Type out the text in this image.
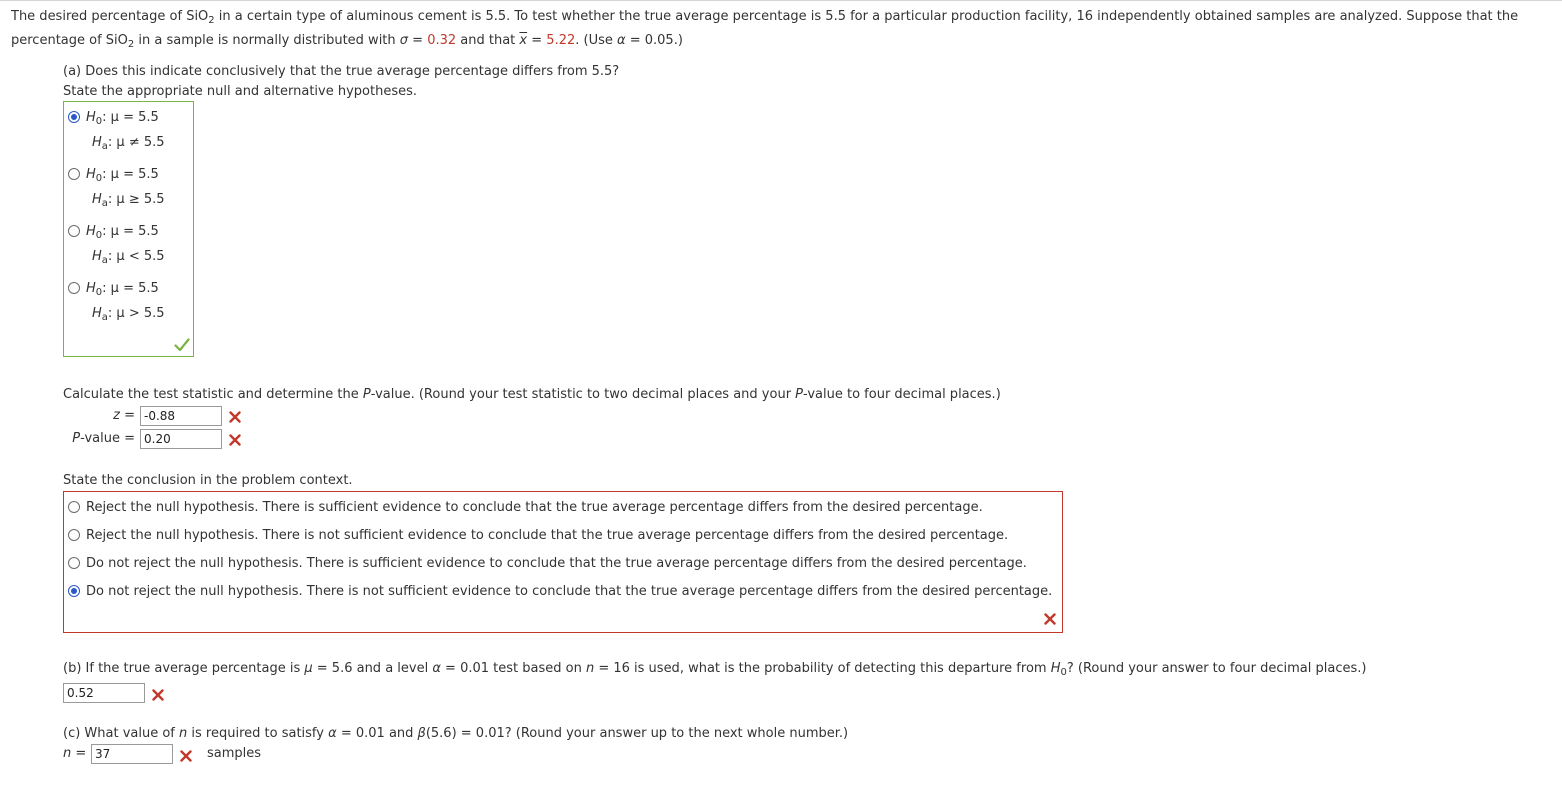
The desired percentage of SiO$_2$ in a certain type of aluminous cement is 5.5. To test whether the true average percentage is 5.5 for a particular production facility, 16 independently obtained samples are analyzed. Suppose that the
percentage of SiO$_2$ in a sample is normally distributed with σ = 0.32 and that $\overline{x} = 5.22$. (Use α = 0.05.)
(a) Does this indicate conclusively that the true average percentage differs from 5.5?
State the appropriate null and alternative hypotheses.
$H_0$: μ = 5.5
$H_a$: μ ≠ 5.5
$H_0$: μ = 5.5
$H_a$: μ ≥ 5.5
$H_0$: μ = 5.5
$H_a$: μ < 5.5
$H_0$: μ = 5.5
$H_a$: μ > 5.5
Calculate the test statistic and determine the P-value. (Round your test statistic to two decimal places and your P-value to four decimal places.)
z =
-0.88
P-value =
0.20
State the conclusion in the problem context.
Reject the null hypothesis. There is sufficient evidence to conclude that the true average percentage differs from the desired percentage.
Reject the null hypothesis. There is not sufficient evidence to conclude that the true average percentage differs from the desired percentage.
Do not reject the null hypothesis. There is sufficient evidence to conclude that the true average percentage differs from the desired percentage.
Do not reject the null hypothesis. There is not sufficient evidence to conclude that the true average percentage differs from the desired percentage.
(b) If the true average percentage is μ = 5.6 and a level α = 0.01 test based on n = 16 is used, what is the probability of detecting this departure from $H_0$? (Round your answer to four decimal places.)
0.52
(c) What value of n is required to satisfy α = 0.01 and β(5.6) = 0.01? (Round your answer up to the next whole number.)
n =
37	samples
